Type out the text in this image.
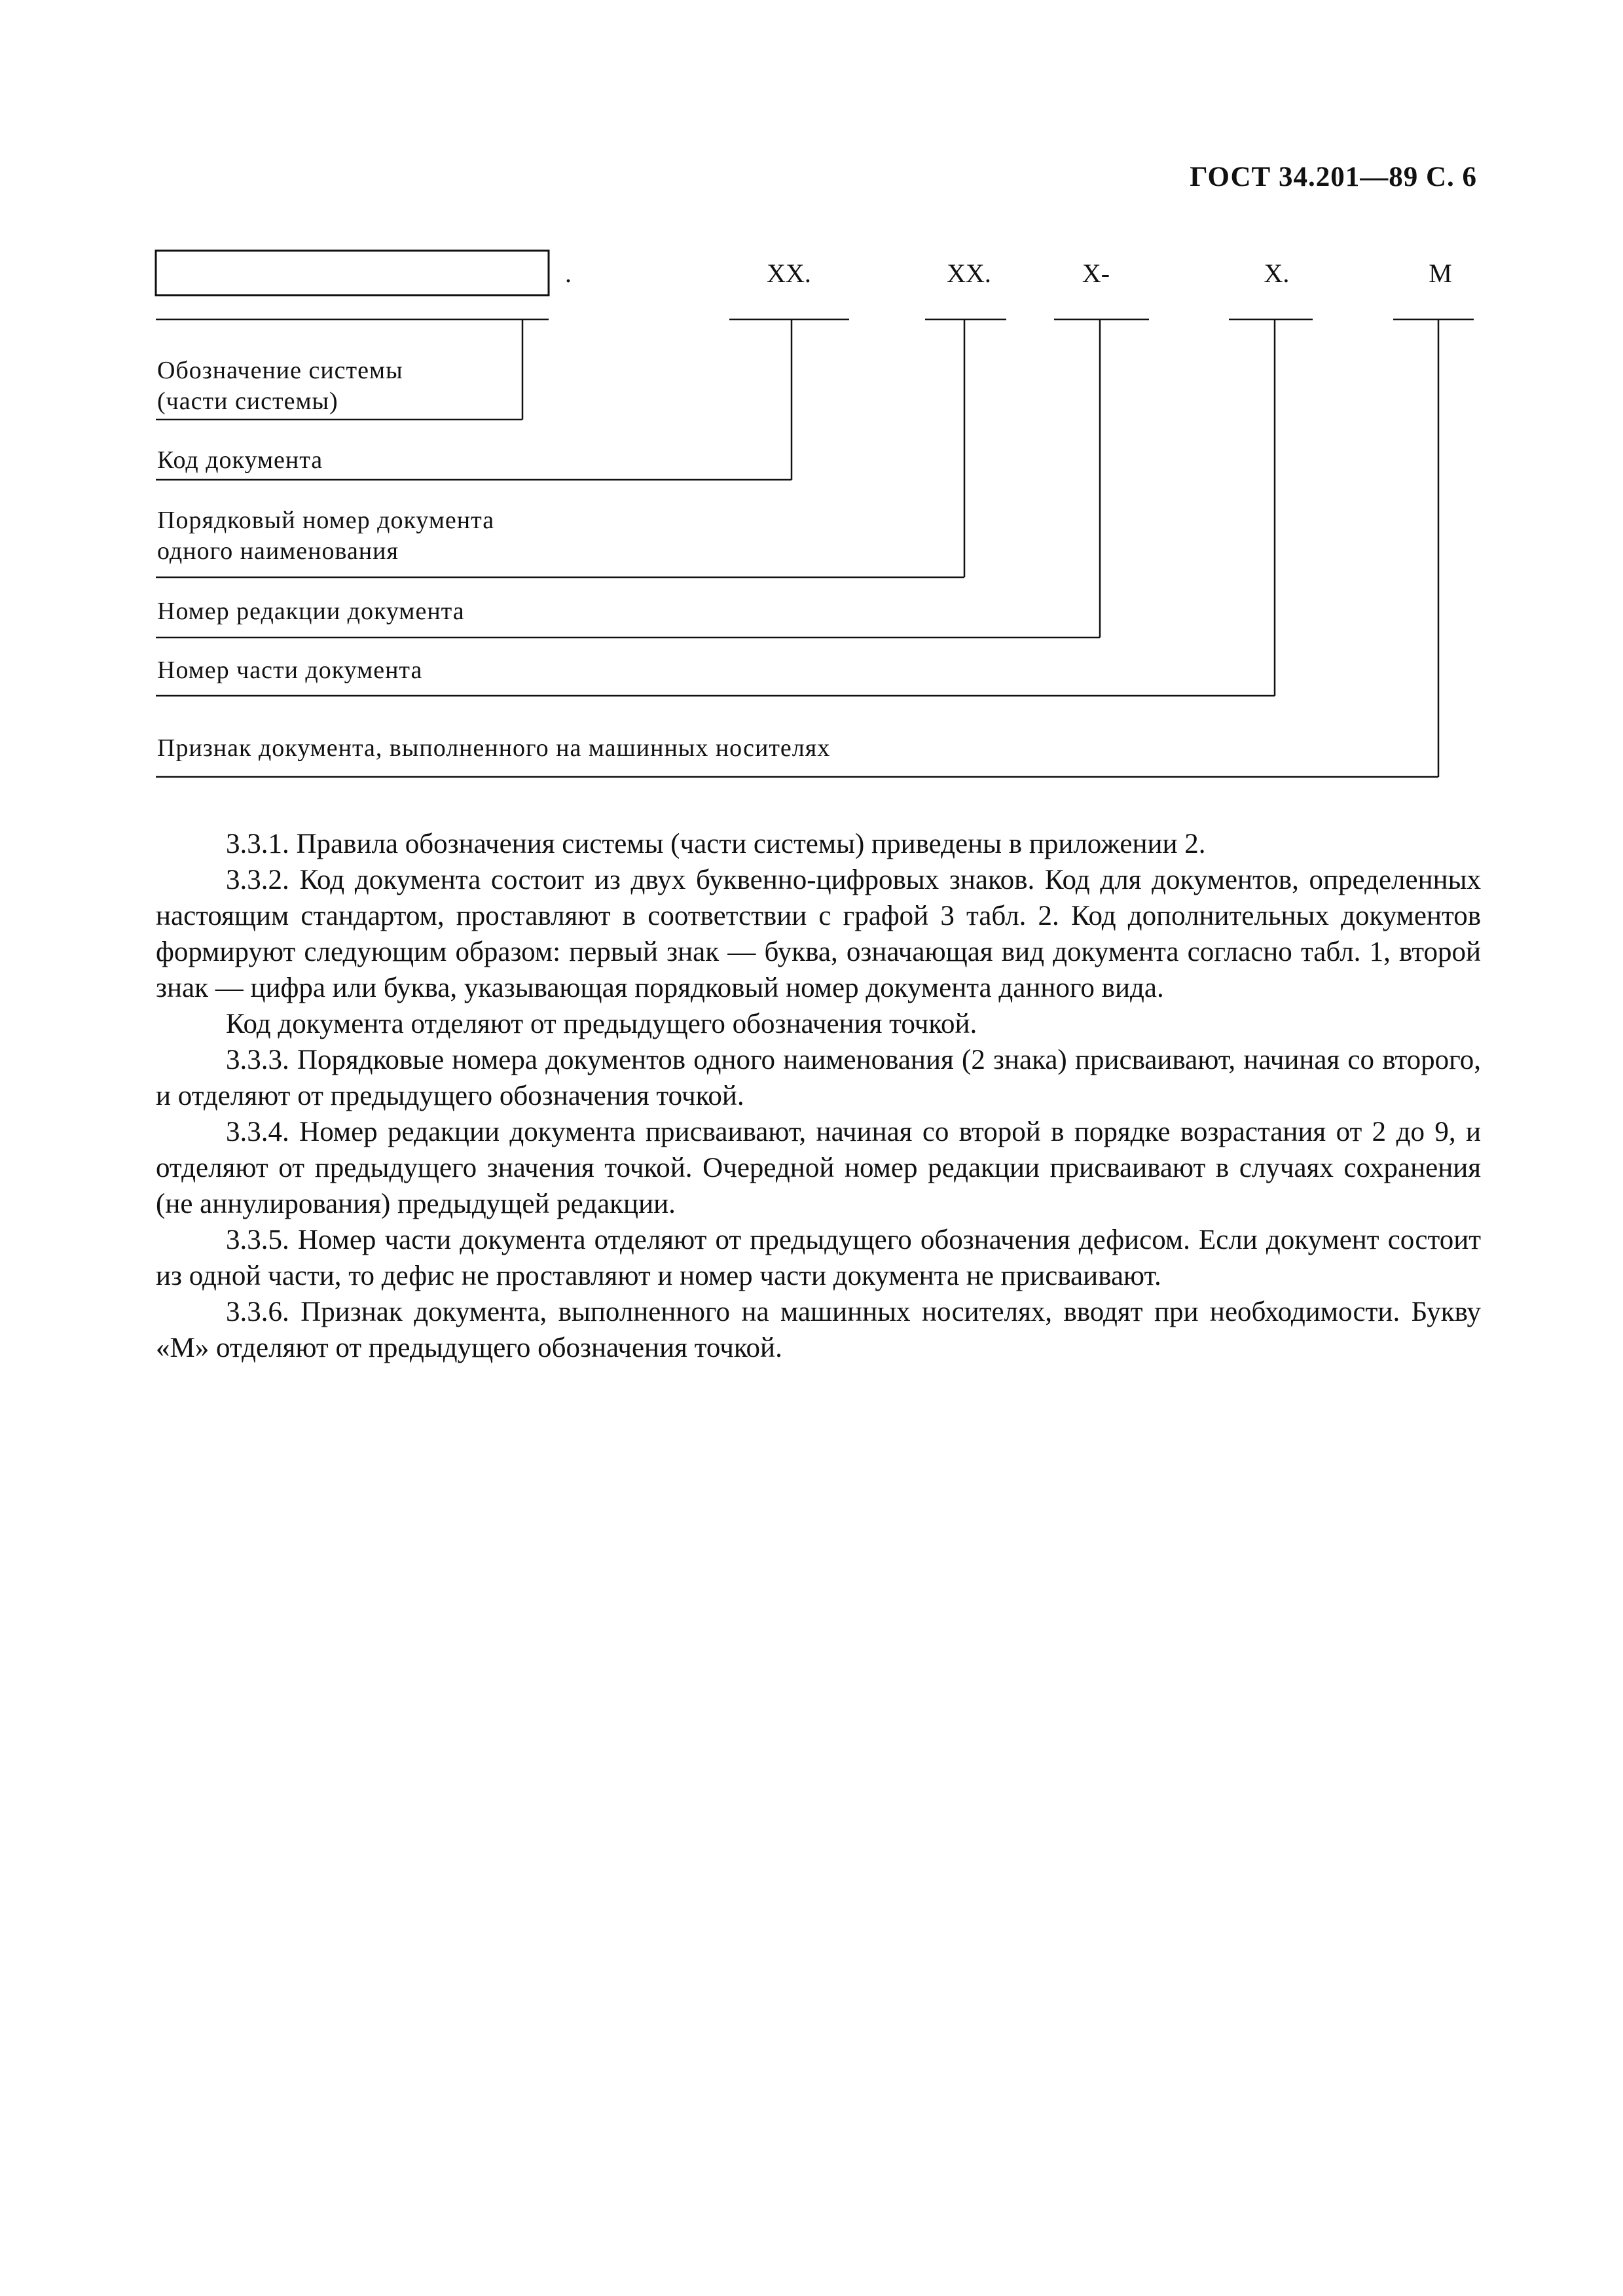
ГОСТ 34.201—89 С. 6
.	XX.	XX.	X-	X.	M
Обозначение системы
(части системы)
Код документа
Порядковый номер документа
одного наименования
Номер редакции документа
Номер части документа
Признак документа, выполненного на машинных носителях

3.3.1. Правила обозначения системы (части системы) приведены в приложении 2.

3.3.2. Код документа состоит из двух буквенно-цифровых знаков. Код для документов, определенных настоящим стандартом, проставляют в соответствии с графой 3 табл. 2. Код дополнительных документов формируют следующим образом: первый знак — буква, означающая вид документа согласно табл. 1, второй знак — цифра или буква, указывающая порядковый номер документа данного вида.

Код документа отделяют от предыдущего обозначения точкой.

3.3.3. Порядковые номера документов одного наименования (2 знака) присваивают, начиная со второго, и отделяют от предыдущего обозначения точкой.

3.3.4. Номер редакции документа присваивают, начиная со второй в порядке возрастания от 2 до 9, и отделяют от предыдущего значения точкой. Очередной номер редакции присваивают в случаях сохранения (не аннулирования) предыдущей редакции.

3.3.5. Номер части документа отделяют от предыдущего обозначения дефисом. Если документ состоит из одной части, то дефис не проставляют и номер части документа не присваивают.

3.3.6. Признак документа, выполненного на машинных носителях, вводят при необходимости. Букву «М» отделяют от предыдущего обозначения точкой.
